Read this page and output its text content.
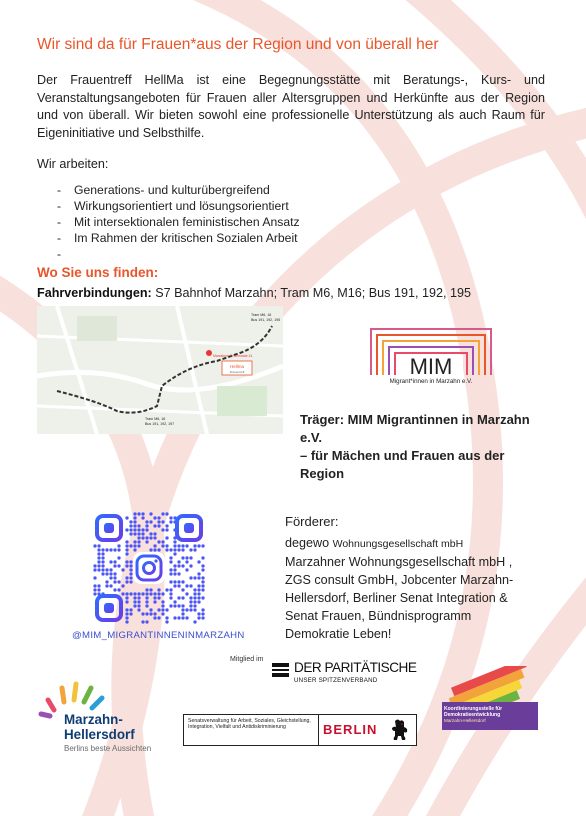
Wir sind da für Frauen*aus der Region und von überall her
Der Frauentreff HellMa ist eine Begegnungsstätte mit Beratungs-, Kurs- und Veranstaltungsangeboten für Frauen aller Altersgruppen und Herkünfte aus der Region und von überall. Wir bieten sowohl eine professionelle Unterstützung als auch Raum für Eigeninitiative und Selbsthilfe.
Wir arbeiten:
- Generations- und kulturübergreifend
- Wirkungsorientiert und lösungsorientiert
- Mit intersektionalen feministischen Ansatz
- Im Rahmen der kritischen Sozialen Arbeit
Wo Sie uns finden:
Fahrverbindungen: S7 Bahnhof Marzahn; Tram M6, M16; Bus 191, 192, 195
Hellma
Frauentreff
Marzahner Promenade 41
Tram M6, 16
Bus 191, 192, 195
Tram M6, 16
Bus 191, 192, 197
MIM
Migrant*innen in Marzahn e.V.
Träger: MIM Migrantinnen in Marzahn e.V.
– für Mächen und Frauen aus der Region
@MIM_MIGRANTINNENINMARZAHN
Förderer:
degewo Wohnungsgesellschaft mbH
Marzahner Wohnungsgesellschaft mbH , ZGS consult GmbH, Jobcenter Marzahn-Hellersdorf, Berliner Senat Integration & Senat Frauen, Bündnisprogramm Demokratie Leben!
Mitglied im
DER PARITÄTISCHE
UNSER SPITZENVERBAND
Marzahn-
Hellersdorf
Berlins beste Aussichten
Senatsverwaltung für Arbeit, Soziales, Gleichstellung, Integration, Vielfalt und Antidiskriminierung	BERLIN
Koordinierungsstelle für Demokratieentwicklung
Marzahn-Hellersdorf
